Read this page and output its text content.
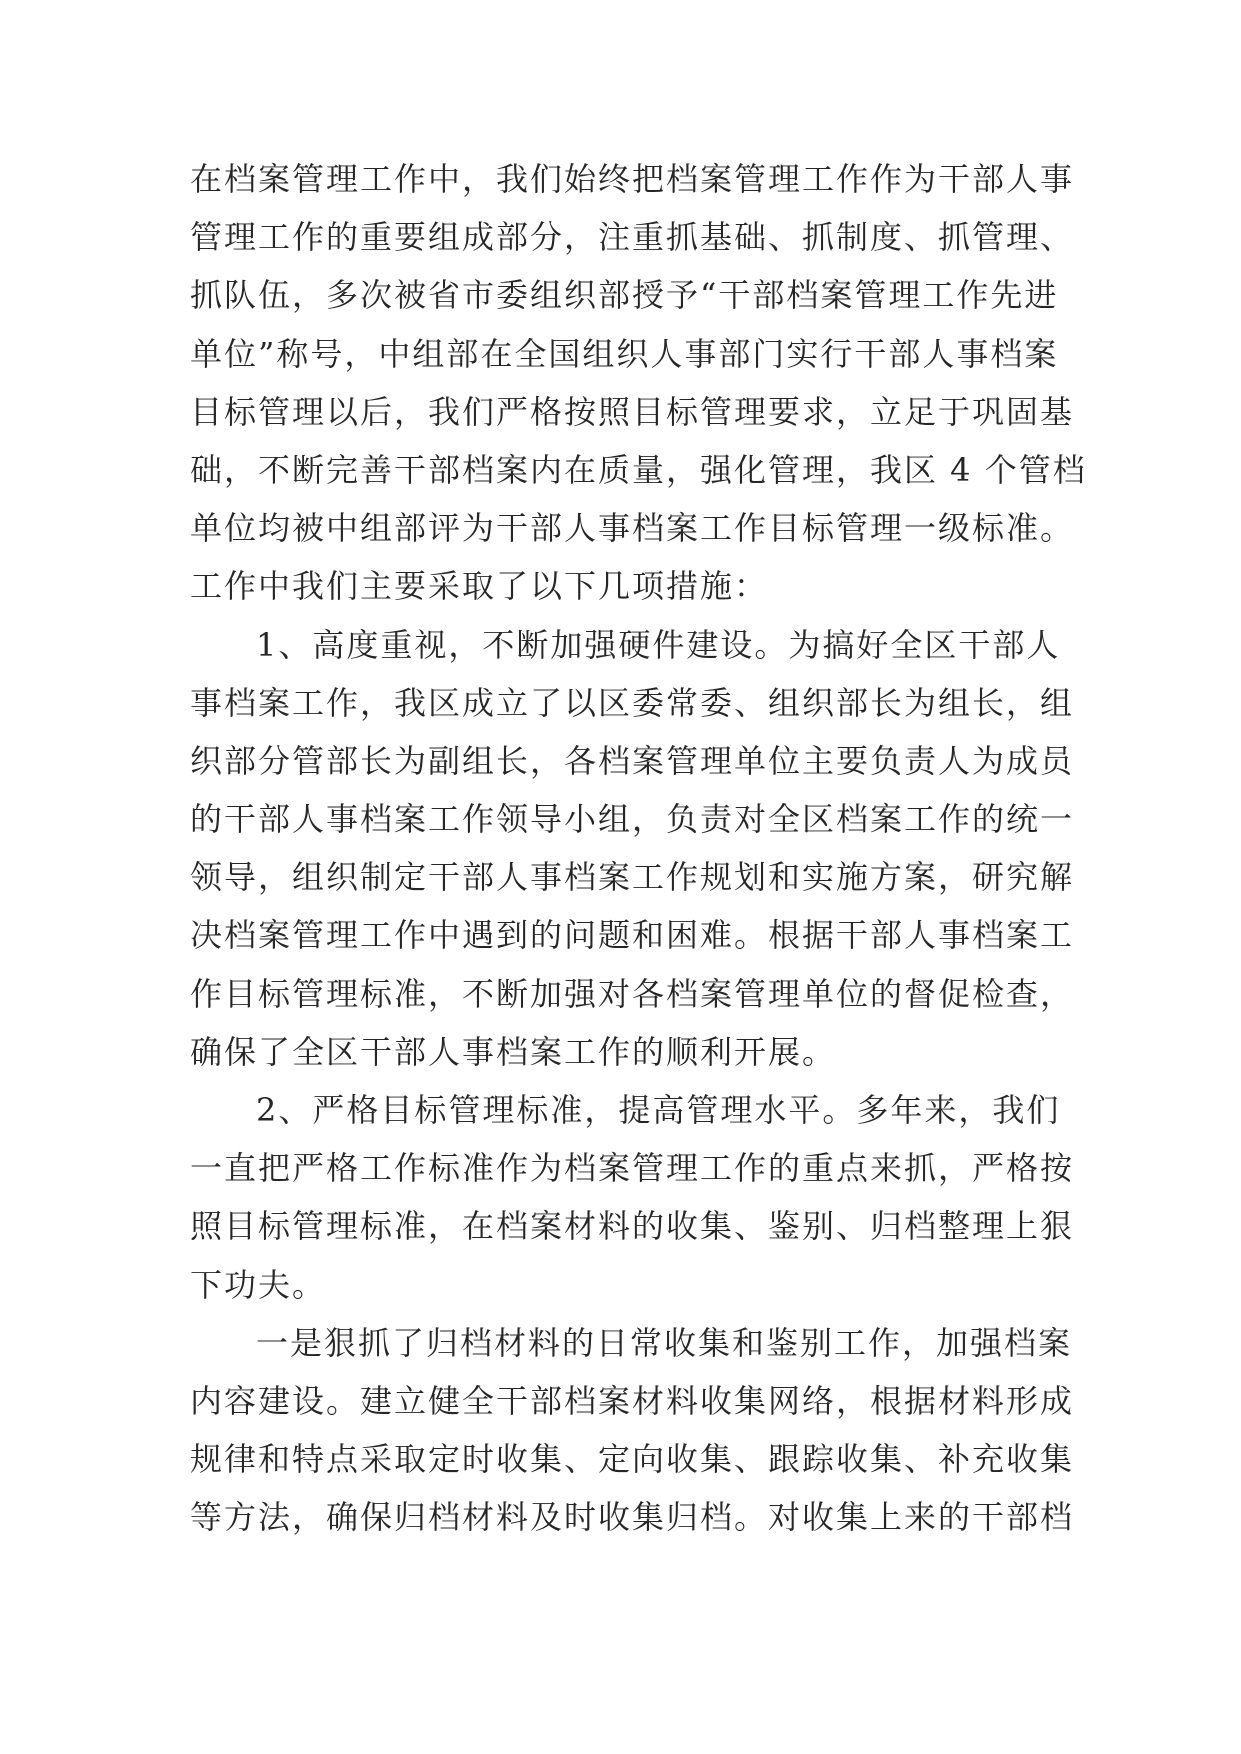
在档案管理工作中，我们始终把档案管理工作作为干部人事
管理工作的重要组成部分，注重抓基础、抓制度、抓管理、
抓队伍，多次被省市委组织部授予“干部档案管理工作先进
单位”称号，中组部在全国组织人事部门实行干部人事档案
目标管理以后，我们严格按照目标管理要求，立足于巩固基
础，不断完善干部档案内在质量，强化管理，我区 4 个管档
单位均被中组部评为干部人事档案工作目标管理一级标准。
工作中我们主要采取了以下几项措施：
1、高度重视，不断加强硬件建设。为搞好全区干部人
事档案工作，我区成立了以区委常委、组织部长为组长，组
织部分管部长为副组长，各档案管理单位主要负责人为成员
的干部人事档案工作领导小组，负责对全区档案工作的统一
领导，组织制定干部人事档案工作规划和实施方案，研究解
决档案管理工作中遇到的问题和困难。根据干部人事档案工
作目标管理标准，不断加强对各档案管理单位的督促检查，
确保了全区干部人事档案工作的顺利开展。
2、严格目标管理标准，提高管理水平。多年来，我们
一直把严格工作标准作为档案管理工作的重点来抓，严格按
照目标管理标准，在档案材料的收集、鉴别、归档整理上狠
下功夫。
一是狠抓了归档材料的日常收集和鉴别工作，加强档案
内容建设。建立健全干部档案材料收集网络，根据材料形成
规律和特点采取定时收集、定向收集、跟踪收集、补充收集
等方法，确保归档材料及时收集归档。对收集上来的干部档
